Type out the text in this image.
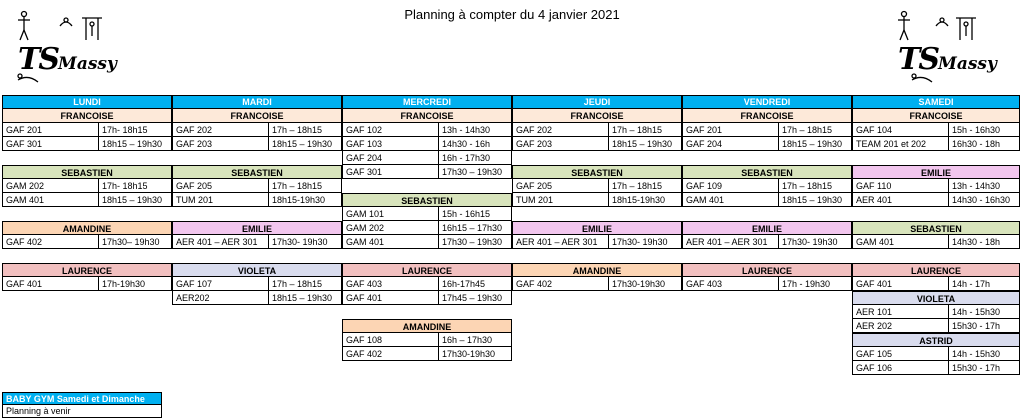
Planning à compter du 4 janvier 2021
TSMassy	TSMassy
LUNDI
FRANCOISE
GAF 201	17h- 18h15
GAF 301	18h15 – 19h30
SEBASTIEN
GAM 202	17h- 18h15
GAM 401	18h15 – 19h30
AMANDINE
GAF 402	17h30– 19h30
LAURENCE
GAF 401	17h-19h30
MARDI
FRANCOISE
GAF 202	17h – 18h15
GAF 203	18h15 – 19h30
SEBASTIEN
GAF 205	17h – 18h15
TUM 201	18h15-19h30
EMILIE
AER 401 – AER 301	17h30- 19h30
VIOLETA
GAF 107	17h – 18h15
AER202	18h15 – 19h30
MERCREDI
FRANCOISE
GAF 102	13h - 14h30
GAF 103	14h30 - 16h
GAF 204	16h - 17h30
GAF 301	17h30 – 19h30
SEBASTIEN
GAM 101	15h - 16h15
GAM 202	16h15 – 17h30
GAM 401	17h30 – 19h30
LAURENCE
GAF 403	16h-17h45
GAF 401	17h45 – 19h30
AMANDINE
GAF 108	16h – 17h30
GAF 402	17h30-19h30
JEUDI
FRANCOISE
GAF 202	17h – 18h15
GAF 203	18h15 – 19h30
SEBASTIEN
GAF 205	17h – 18h15
TUM 201	18h15-19h30
EMILIE
AER 401 – AER 301	17h30- 19h30
AMANDINE
GAF 402	17h30-19h30
VENDREDI
FRANCOISE
GAF 201	17h – 18h15
GAF 204	18h15 – 19h30
SEBASTIEN
GAF 109	17h – 18h15
GAM 401	18h15 – 19h30
EMILIE
AER 401 – AER 301	17h30- 19h30
LAURENCE
GAF 403	17h - 19h30
SAMEDI
FRANCOISE
GAF 104	15h - 16h30
TEAM 201 et 202	16h30 - 18h
EMILIE
GAF 110	13h - 14h30
AER 401	14h30 - 16h30
SEBASTIEN
GAM 401	14h30 - 18h
LAURENCE
GAF 401	14h - 17h
VIOLETA
AER 101	14h - 15h30
AER 202	15h30 - 17h
ASTRID
GAF 105	14h - 15h30
GAF 106	15h30 - 17h
BABY GYM Samedi et Dimanche
Planning à venir
